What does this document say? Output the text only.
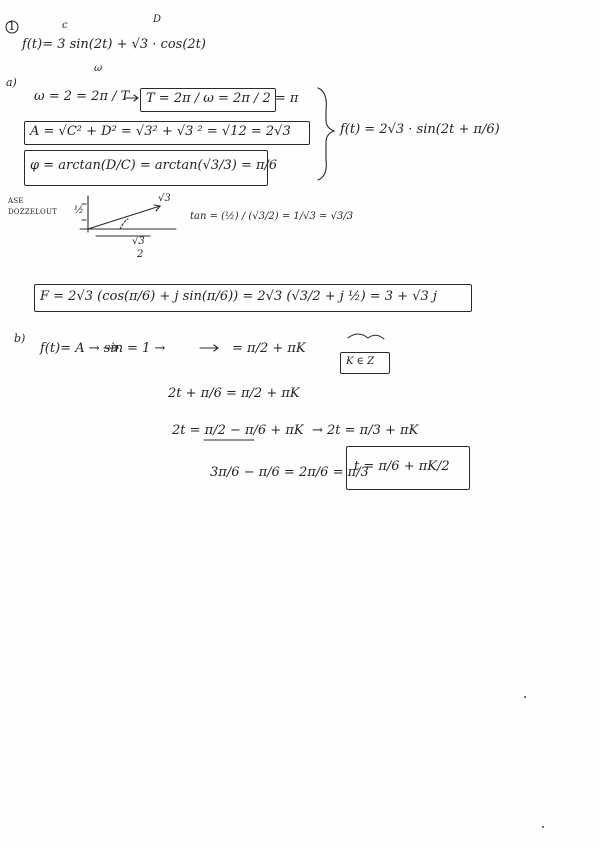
1	c
D
f(t)= 3 sin(2t) + √3 · cos(2t)
ω
a)
ω = 2 = 2π / T T = 2π / ω = 2π / 2 = π
A = √C² + D² = √3² + √3 ² = √12 = 2√3
φ = arctan(D/C) = arctan(√3/3) = π/6
f(t) = 2√3 · sin(2t + π/6)
ASE
DOZZELOUT ½
√3
√3
2
tan = (½) / (√3/2) = 1/√3 = √3/3
F = 2√3 (cos(π/6) + j sin(π/6)) = 2√3 (√3/2 + j ½) = 3 + √3 j
b)
f(t)= A → sin = 1 →	= π/2 + πK
K ∈ Z
2t + π/6 = π/2 + πK
2t = π/2 − π/6 + πK → 2t = π/3 + πK
3π/6 − π/6 = 2π/6 = π/3
t = π/6 + πK/2
